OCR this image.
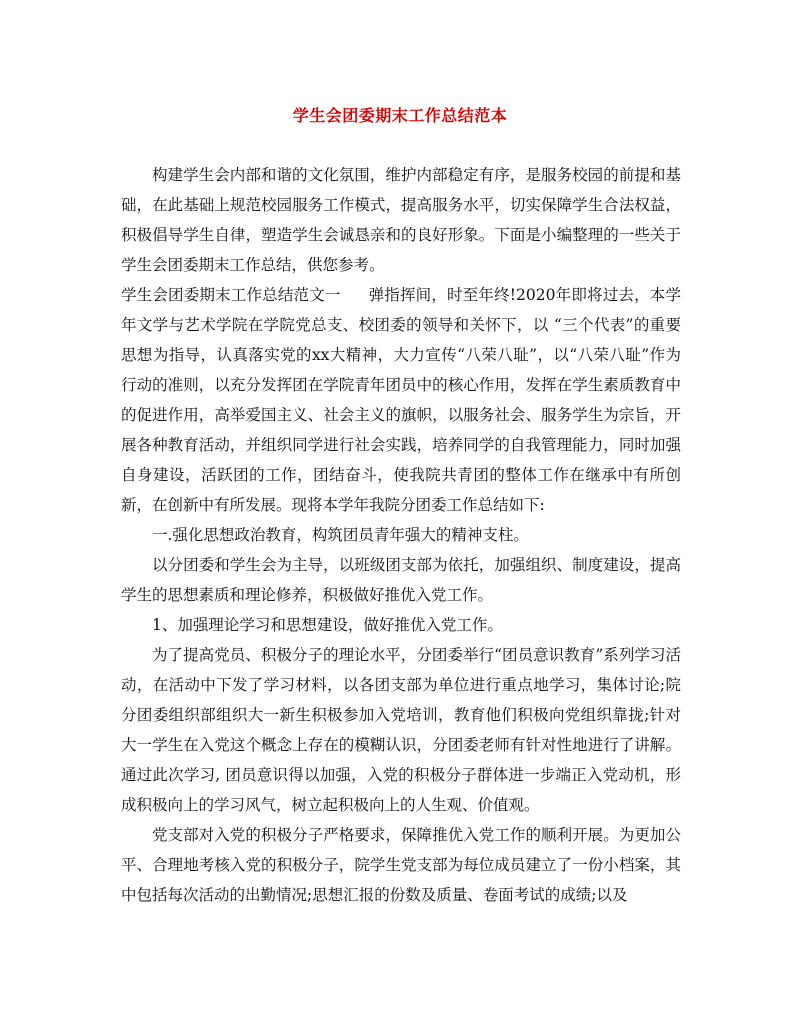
学生会团委期末工作总结范本

构建学生会内部和谐的文化氛围，维护内部稳定有序，是服务校园的前提和基础，在此基础上规范校园服务工作模式，提高服务水平，切实保障学生合法权益，积极倡导学生自律，塑造学生会诚恳亲和的良好形象。下面是小编整理的一些关于学生会团委期末工作总结，供您参考。

学生会团委期末工作总结范文一 弹指挥间，时至年终!2020年即将过去，本学年文学与艺术学院在学院党总支、校团委的领导和关怀下，以 “三个代表”的重要思想为指导，认真落实党的xx大精神，大力宣传“八荣八耻”，以“八荣八耻”作为行动的准则，以充分发挥团在学院青年团员中的核心作用，发挥在学生素质教育中的促进作用，高举爱国主义、社会主义的旗帜，以服务社会、服务学生为宗旨，开展各种教育活动，并组织同学进行社会实践，培养同学的自我管理能力，同时加强自身建设，活跃团的工作，团结奋斗，使我院共青团的整体工作在继承中有所创新，在创新中有所发展。现将本学年我院分团委工作总结如下:

一.强化思想政治教育，构筑团员青年强大的精神支柱。

以分团委和学生会为主导，以班级团支部为依托，加强组织、制度建设，提高学生的思想素质和理论修养，积极做好推优入党工作。

1、加强理论学习和思想建设，做好推优入党工作。

为了提高党员、积极分子的理论水平，分团委举行“团员意识教育”系列学习活动，在活动中下发了学习材料，以各团支部为单位进行重点地学习，集体讨论;院分团委组织部组织大一新生积极参加入党培训，教育他们积极向党组织靠拢;针对大一学生在入党这个概念上存在的模糊认识，分团委老师有针对性地进行了讲解。通过此次学习, 团员意识得以加强，入党的积极分子群体进一步端正入党动机，形成积极向上的学习风气，树立起积极向上的人生观、价值观。

党支部对入党的积极分子严格要求，保障推优入党工作的顺利开展。为更加公平、合理地考核入党的积极分子，院学生党支部为每位成员建立了一份小档案，其中包括每次活动的出勤情况;思想汇报的份数及质量、卷面考试的成绩;以及
